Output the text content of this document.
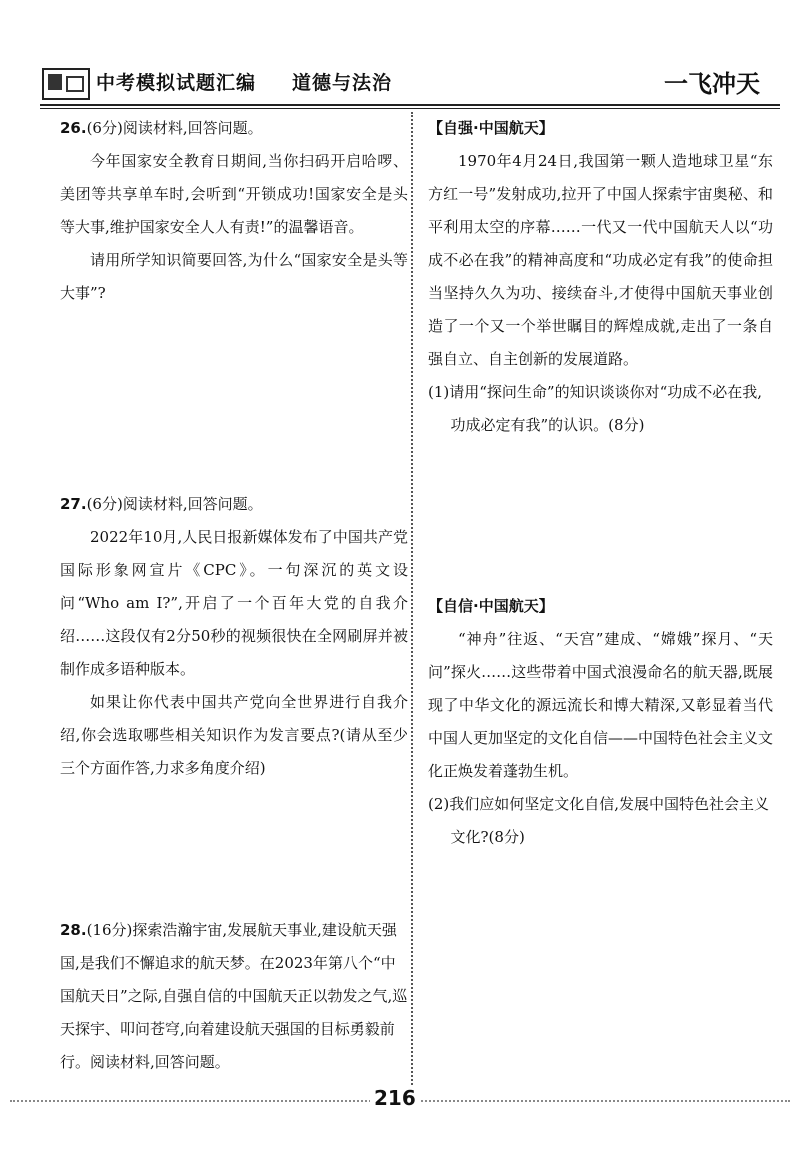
中考模拟试题汇编 道德与法治	一飞冲天

26.(6分)阅读材料,回答问题。

今年国家安全教育日期间,当你扫码开启哈啰、美团等共享单车时,会听到“开锁成功!国家安全是头等大事,维护国家安全人人有责!”的温馨语音。

请用所学知识简要回答,为什么“国家安全是头等大事”?

27.(6分)阅读材料,回答问题。

2022年10月,人民日报新媒体发布了中国共产党国际形象网宣片《CPC》。一句深沉的英文设问“Who am I?”,开启了一个百年大党的自我介绍……这段仅有2分50秒的视频很快在全网刷屏并被制作成多语种版本。

如果让你代表中国共产党向全世界进行自我介绍,你会选取哪些相关知识作为发言要点?(请从至少三个方面作答,力求多角度介绍)

28.(16分)探索浩瀚宇宙,发展航天事业,建设航天强国,是我们不懈追求的航天梦。在2023年第八个“中国航天日”之际,自强自信的中国航天正以勃发之气,巡天探宇、叩问苍穹,向着建设航天强国的目标勇毅前行。阅读材料,回答问题。

【自强·中国航天】

1970年4月24日,我国第一颗人造地球卫星“东方红一号”发射成功,拉开了中国人探索宇宙奥秘、和平利用太空的序幕……一代又一代中国航天人以“功成不必在我”的精神高度和“功成必定有我”的使命担当坚持久久为功、接续奋斗,才使得中国航天事业创造了一个又一个举世瞩目的辉煌成就,走出了一条自强自立、自主创新的发展道路。

(1)请用“探问生命”的知识谈谈你对“功成不必在我,功成必定有我”的认识。(8分)

【自信·中国航天】

“神舟”往返、“天宫”建成、“嫦娥”探月、“天问”探火……这些带着中国式浪漫命名的航天器,既展现了中华文化的源远流长和博大精深,又彰显着当代中国人更加坚定的文化自信——中国特色社会主义文化正焕发着蓬勃生机。

(2)我们应如何坚定文化自信,发展中国特色社会主义文化?(8分)

216
